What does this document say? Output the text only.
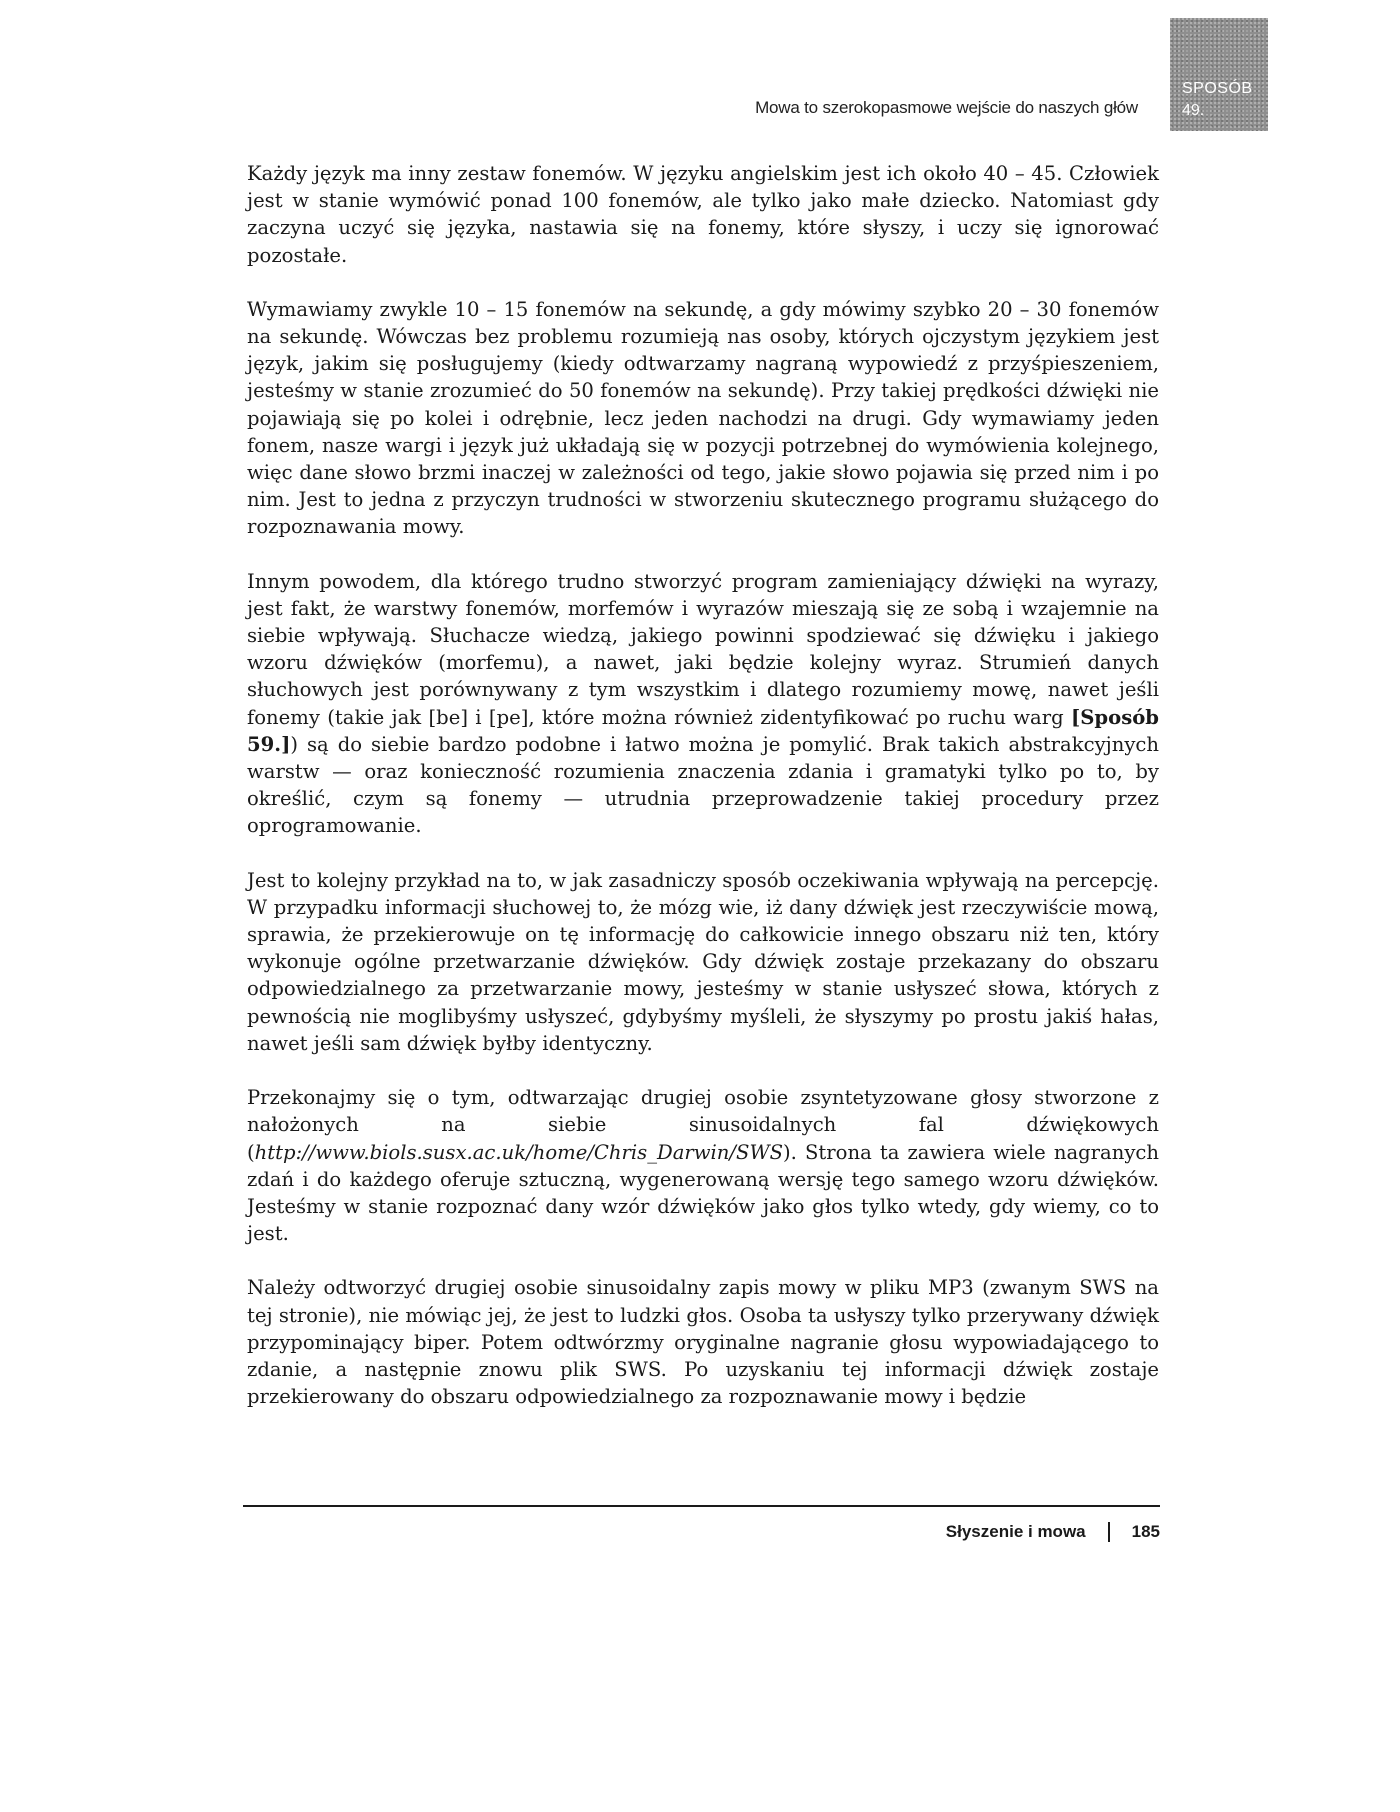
Mowa to szerokopasmowe wejście do naszych głów
SPOSÓB
49.

Każdy język ma inny zestaw fonemów. W języku angielskim jest ich około 40 – 45. Człowiek jest w stanie wymówić ponad 100 fonemów, ale tylko jako małe dziecko. Natomiast gdy zaczyna uczyć się języka, nastawia się na fonemy, które słyszy, i uczy się ignorować pozostałe.

Wymawiamy zwykle 10 – 15 fonemów na sekundę, a gdy mówimy szybko 20 – 30 fonemów na sekundę. Wówczas bez problemu rozumieją nas osoby, których ojczystym językiem jest język, jakim się posługujemy (kiedy odtwarzamy nagraną wypowiedź z przyśpieszeniem, jesteśmy w stanie zrozumieć do 50 fonemów na sekundę). Przy takiej prędkości dźwięki nie pojawiają się po kolei i odrębnie, lecz jeden nachodzi na drugi. Gdy wymawiamy jeden fonem, nasze wargi i język już układają się w pozycji potrzebnej do wymówienia kolejnego, więc dane słowo brzmi inaczej w zależności od tego, jakie słowo pojawia się przed nim i po nim. Jest to jedna z przyczyn trudności w stworzeniu skutecznego programu służącego do rozpoznawania mowy.

Innym powodem, dla którego trudno stworzyć program zamieniający dźwięki na wyrazy, jest fakt, że warstwy fonemów, morfemów i wyrazów mieszają się ze sobą i wzajemnie na siebie wpływają. Słuchacze wiedzą, jakiego powinni spodziewać się dźwięku i jakiego wzoru dźwięków (morfemu), a nawet, jaki będzie kolejny wyraz. Strumień danych słuchowych jest porównywany z tym wszystkim i dlatego rozumiemy mowę, nawet jeśli fonemy (takie jak [be] i [pe], które można również zidentyfikować po ruchu warg [Sposób 59.]) są do siebie bardzo podobne i łatwo można je pomylić. Brak takich abstrakcyjnych warstw — oraz konieczność rozumienia znaczenia zdania i gramatyki tylko po to, by określić, czym są fonemy — utrudnia przeprowadzenie takiej procedury przez oprogramowanie.

Jest to kolejny przykład na to, w jak zasadniczy sposób oczekiwania wpływają na percepcję. W przypadku informacji słuchowej to, że mózg wie, iż dany dźwięk jest rzeczywiście mową, sprawia, że przekierowuje on tę informację do całkowicie innego obszaru niż ten, który wykonuje ogólne przetwarzanie dźwięków. Gdy dźwięk zostaje przekazany do obszaru odpowiedzialnego za przetwarzanie mowy, jesteśmy w stanie usłyszeć słowa, których z pewnością nie moglibyśmy usłyszeć, gdybyśmy myśleli, że słyszymy po prostu jakiś hałas, nawet jeśli sam dźwięk byłby identyczny.

Przekonajmy się o tym, odtwarzając drugiej osobie zsyntetyzowane głosy stworzone z nałożonych na siebie sinusoidalnych fal dźwiękowych (http://www.biols.susx.ac.uk/home/Chris_Darwin/SWS). Strona ta zawiera wiele nagranych zdań i do każdego oferuje sztuczną, wygenerowaną wersję tego samego wzoru dźwięków. Jesteśmy w stanie rozpoznać dany wzór dźwięków jako głos tylko wtedy, gdy wiemy, co to jest.

Należy odtworzyć drugiej osobie sinusoidalny zapis mowy w pliku MP3 (zwanym SWS na tej stronie), nie mówiąc jej, że jest to ludzki głos. Osoba ta usłyszy tylko przerywany dźwięk przypominający biper. Potem odtwórzmy oryginalne nagranie głosu wypowiadającego to zdanie, a następnie znowu plik SWS. Po uzyskaniu tej informacji dźwięk zostaje przekierowany do obszaru odpowiedzialnego za rozpoznawanie mowy i będzie

Słyszenie i mowa	185
